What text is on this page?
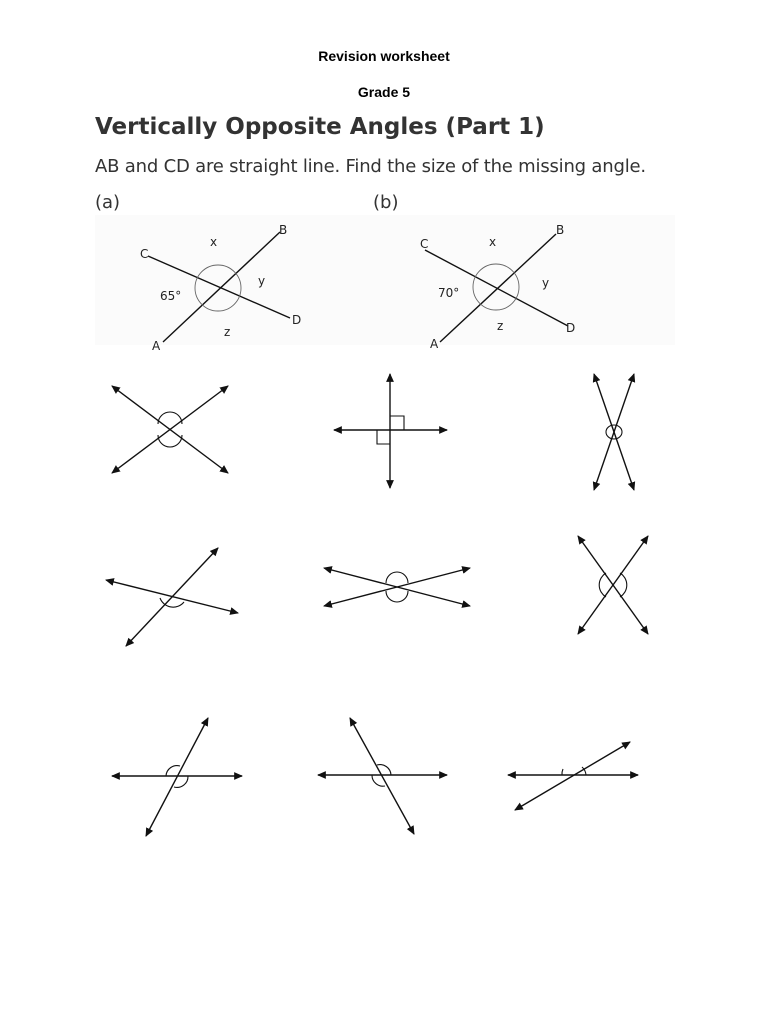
Revision worksheet
Grade 5
Vertically Opposite Angles (Part 1)
AB and CD are straight line. Find the size of the missing angle.
(a)	(b)
B
C
D
A
x
y
z
65°
B
C
D
A
x
y
z
70°
